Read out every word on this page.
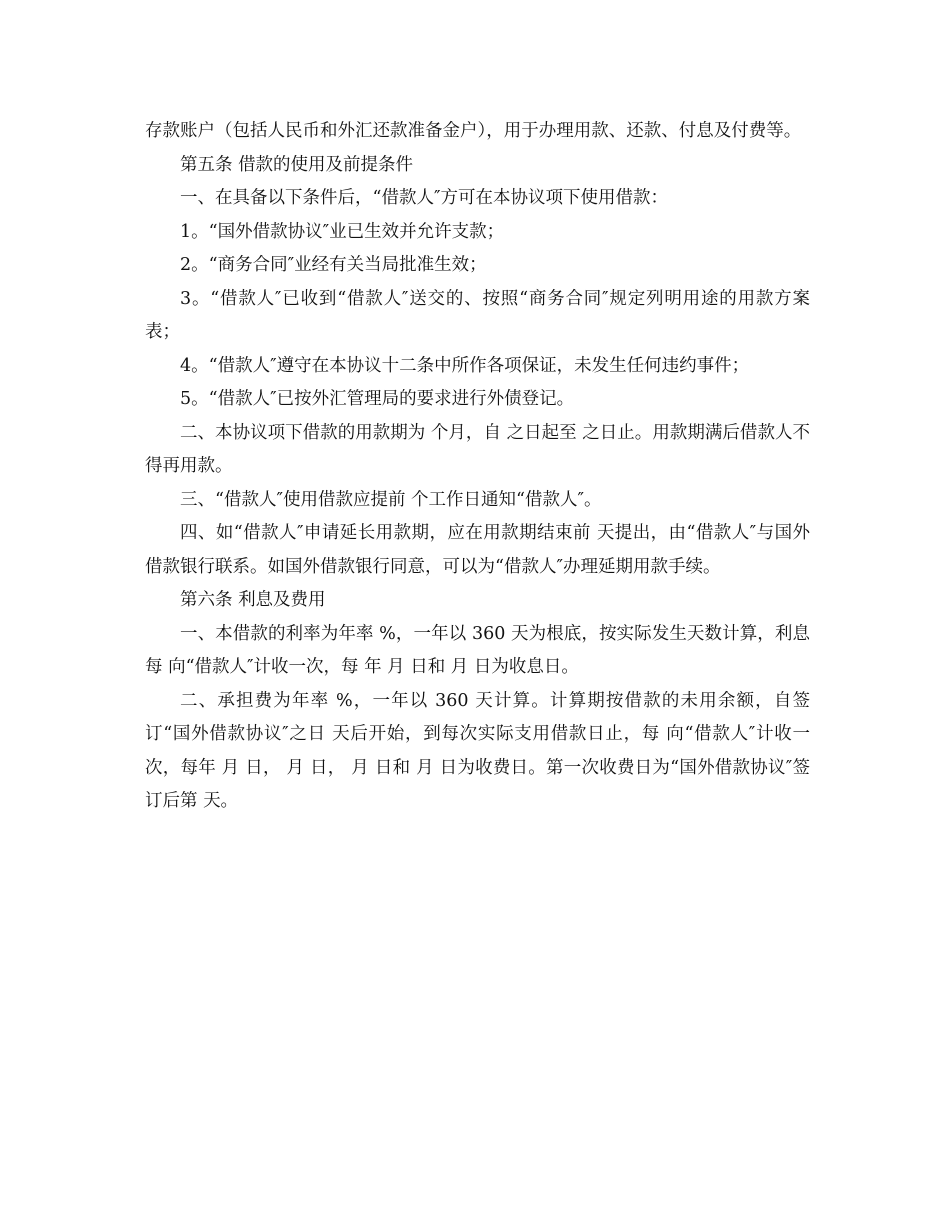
存款账户（包括人民币和外汇还款准备金户），用于办理用款、还款、付息及付费等。

第五条 借款的使用及前提条件

一、在具备以下条件后，“借款人″方可在本协议项下使用借款：

1。“国外借款协议″业已生效并允许支款；

2。“商务合同″业经有关当局批准生效；

3。“借款人″已收到“借款人″送交的、按照“商务合同″规定列明用途的用款方案表；

4。“借款人″遵守在本协议十二条中所作各项保证，未发生任何违约事件；

5。“借款人″已按外汇管理局的要求进行外债登记。

二、本协议项下借款的用款期为 个月，自 之日起至 之日止。用款期满后借款人不得再用款。

三、“借款人″使用借款应提前 个工作日通知“借款人″。

四、如“借款人″申请延长用款期，应在用款期结束前 天提出，由“借款人″与国外借款银行联系。如国外借款银行同意，可以为“借款人″办理延期用款手续。

第六条 利息及费用

一、本借款的利率为年率 %，一年以 360 天为根底，按实际发生天数计算，利息每 向“借款人″计收一次，每 年 月 日和 月 日为收息日。

二、承担费为年率 %，一年以 360 天计算。计算期按借款的未用余额，自签订“国外借款协议″之日 天后开始，到每次实际支用借款日止，每 向“借款人″计收一次，每年 月 日， 月 日， 月 日和 月 日为收费日。第一次收费日为“国外借款协议″签订后第 天。
